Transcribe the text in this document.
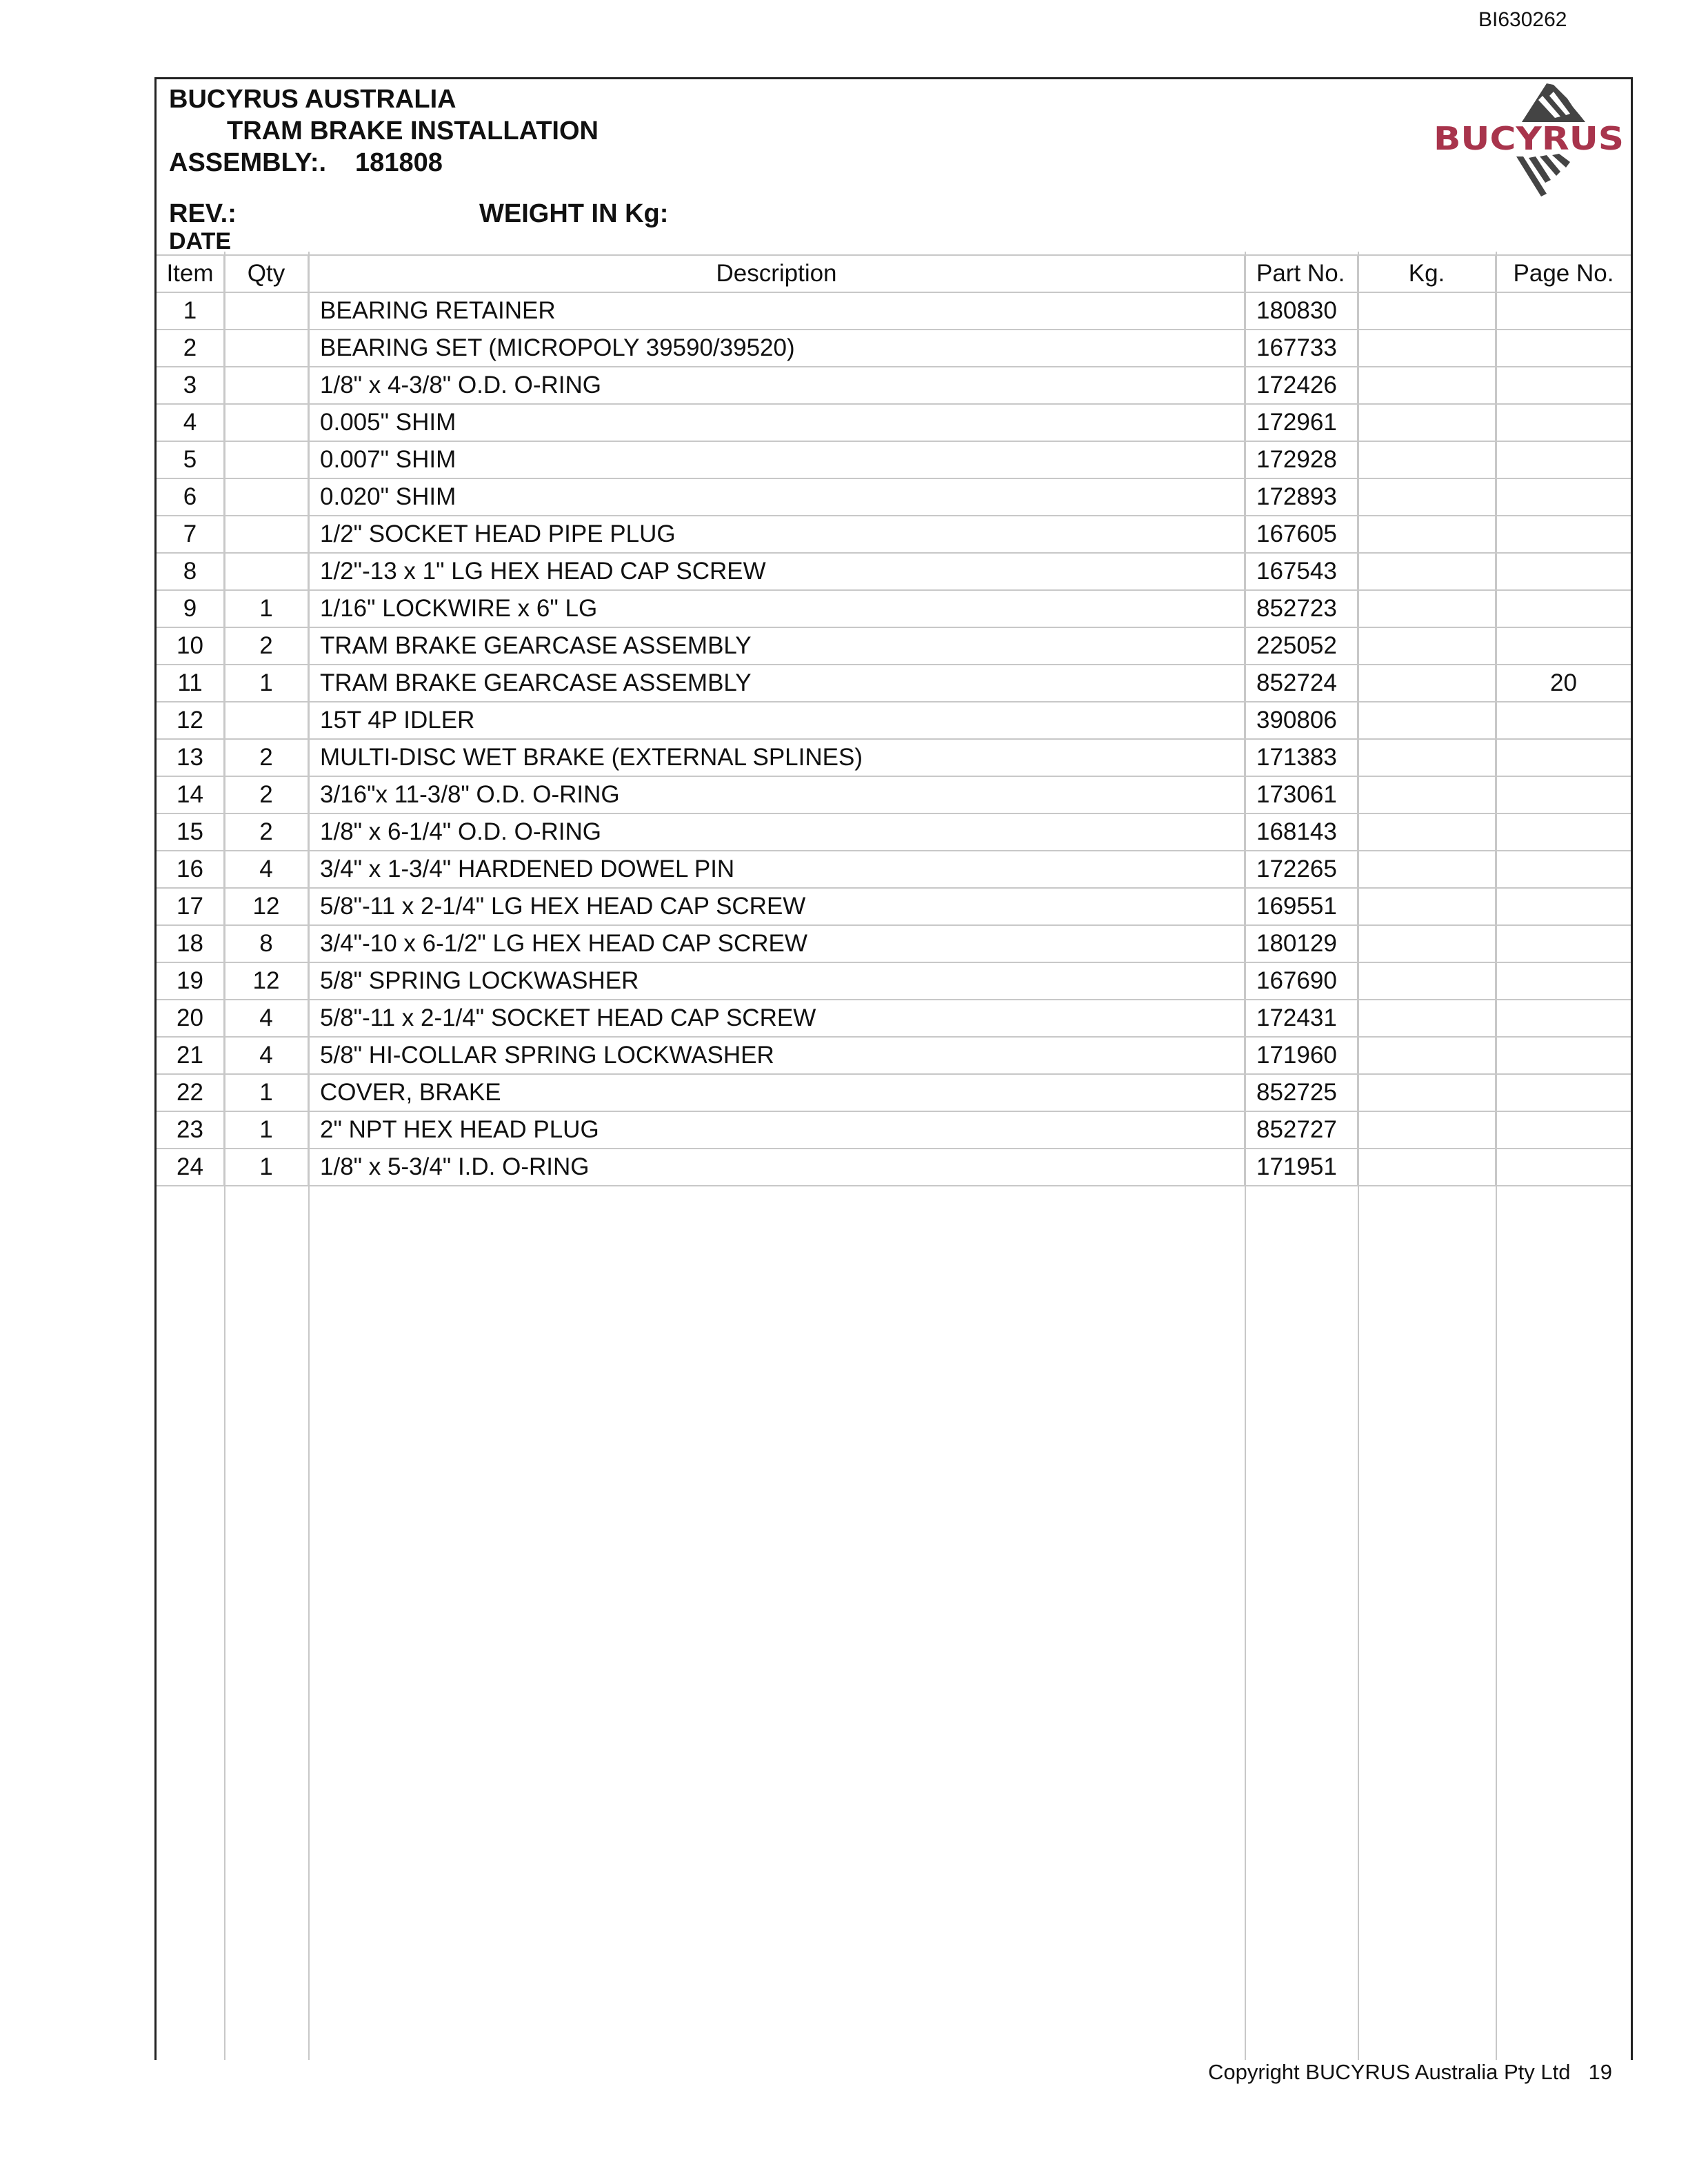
BI630262
BUCYRUS AUSTRALIA
TRAM BRAKE INSTALLATION
ASSEMBLY:. 181808
REV.:	WEIGHT IN Kg:
DATE
BUCYRUS
Item	Qty	Description	Part No.	Kg.	Page No.
1		BEARING RETAINER	180830		
2		BEARING SET (MICROPOLY 39590/39520)	167733		
3		1/8" x 4-3/8" O.D. O-RING	172426		
4		0.005" SHIM	172961		
5		0.007" SHIM	172928		
6		0.020" SHIM	172893		
7		1/2" SOCKET HEAD PIPE PLUG	167605		
8		1/2"-13 x 1" LG HEX HEAD CAP SCREW	167543		
9	1	1/16" LOCKWIRE x 6" LG	852723		
10	2	TRAM BRAKE GEARCASE ASSEMBLY	225052		
11	1	TRAM BRAKE GEARCASE ASSEMBLY	852724		20
12		15T 4P IDLER	390806		
13	2	MULTI-DISC WET BRAKE (EXTERNAL SPLINES)	171383		
14	2	3/16"x 11-3/8" O.D. O-RING	173061		
15	2	1/8" x 6-1/4" O.D. O-RING	168143		
16	4	3/4" x 1-3/4" HARDENED DOWEL PIN	172265		
17	12	5/8"-11 x 2-1/4" LG HEX HEAD CAP SCREW	169551		
18	8	3/4"-10 x 6-1/2" LG HEX HEAD CAP SCREW	180129		
19	12	5/8" SPRING LOCKWASHER	167690		
20	4	5/8"-11 x 2-1/4" SOCKET HEAD CAP SCREW	172431		
21	4	5/8" HI-COLLAR SPRING LOCKWASHER	171960		
22	1	COVER, BRAKE	852725		
23	1	2" NPT HEX HEAD PLUG	852727		
24	1	1/8" x 5-3/4" I.D. O-RING	171951		
Copyright BUCYRUS Australia Pty Ltd 19
